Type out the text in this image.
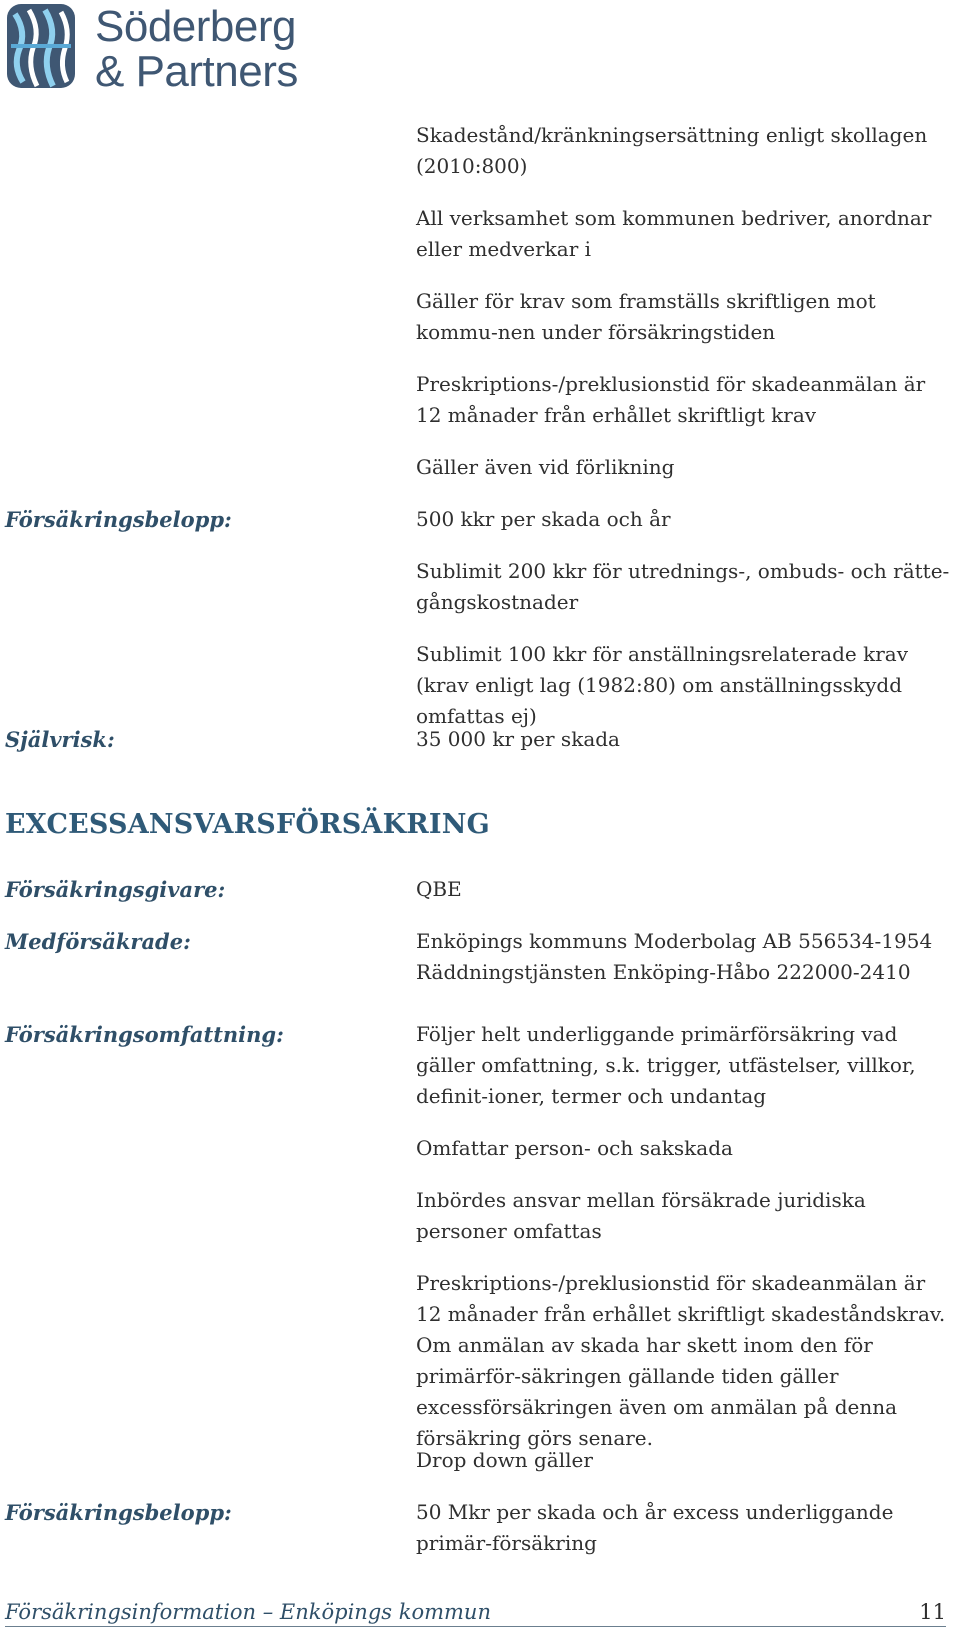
Söderberg
& Partners
Skadestånd/kränkningsersättning enligt skollagen (2010:800)
All verksamhet som kommunen bedriver, anordnar eller medverkar i
Gäller för krav som framställs skriftligen mot kommu-nen under försäkringstiden
Preskriptions-/preklusionstid för skadeanmälan är 12 månader från erhållet skriftligt krav
Gäller även vid förlikning
Försäkringsbelopp:	500 kkr per skada och år
Sublimit 200 kkr för utrednings-, ombuds- och rätte-gångskostnader
Sublimit 100 kkr för anställningsrelaterade krav (krav enligt lag (1982:80) om anställningsskydd omfattas ej)
Självrisk:	35 000 kr per skada
EXCESSANSVARSFÖRSÄKRING
Försäkringsgivare:	QBE
Medförsäkrade:	Enköpings kommuns Moderbolag AB 556534-1954
Räddningstjänsten Enköping-Håbo 222000-2410
Försäkringsomfattning:	Följer helt underliggande primärförsäkring vad gäller omfattning, s.k. trigger, utfästelser, villkor, definit-ioner, termer och undantag
Omfattar person- och sakskada
Inbördes ansvar mellan försäkrade juridiska personer omfattas
Preskriptions-/preklusionstid för skadeanmälan är 12 månader från erhållet skriftligt skadeståndskrav. Om anmälan av skada har skett inom den för primärför-säkringen gällande tiden gäller excessförsäkringen även om anmälan på denna försäkring görs senare.
Drop down gäller
Försäkringsbelopp:	50 Mkr per skada och år excess underliggande primär-försäkring
Försäkringsinformation – Enköpings kommun	11
